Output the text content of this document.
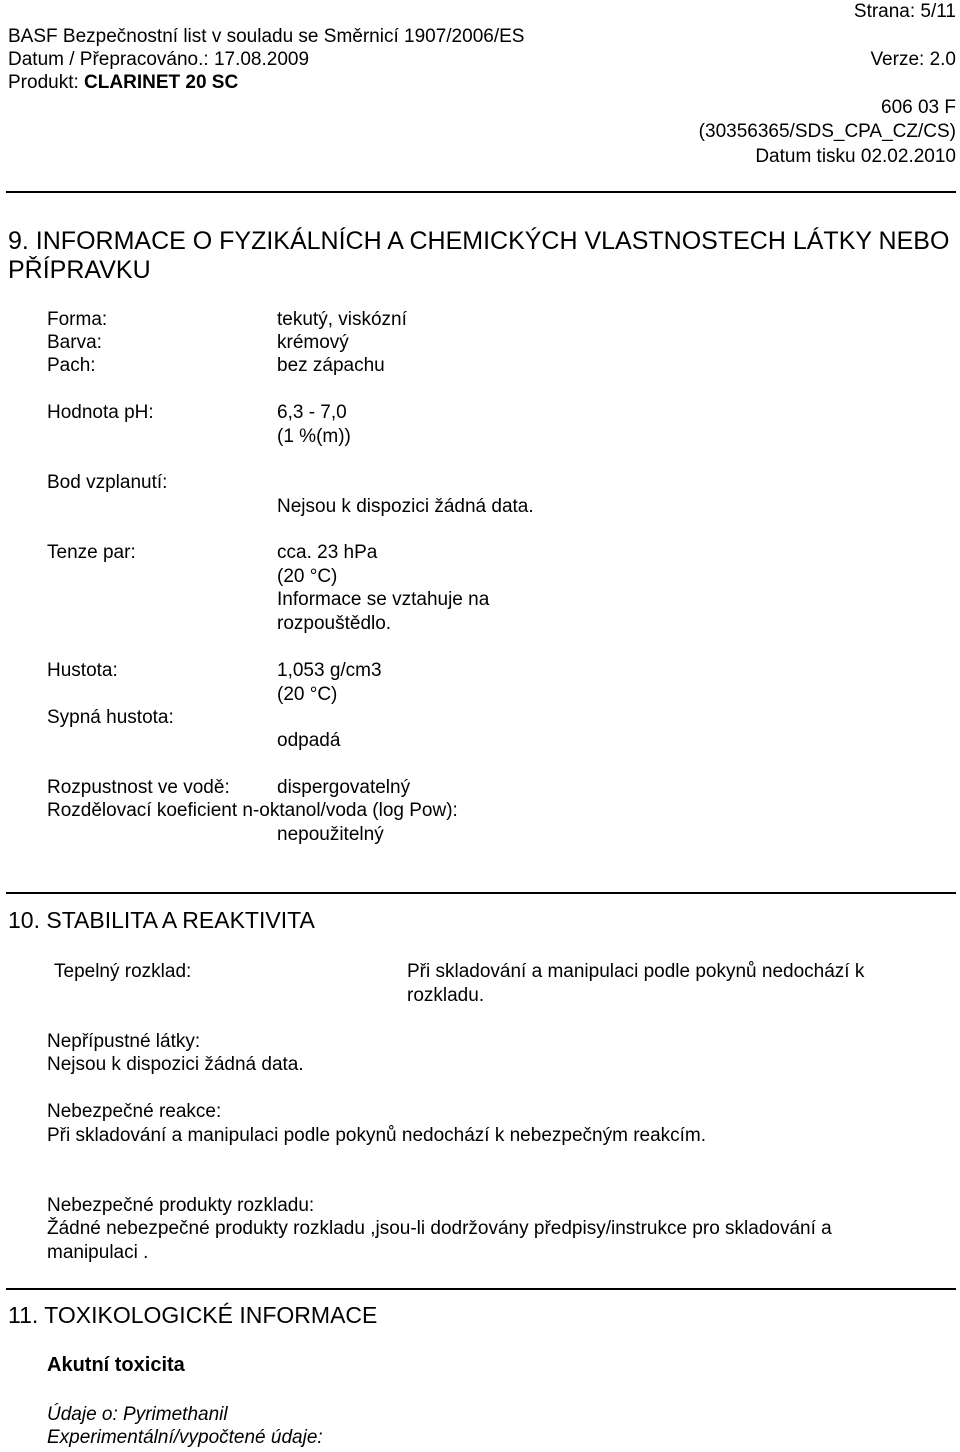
Strana: 5/11
BASF Bezpečnostní list v souladu se Směrnicí 1907/2006/ES
Datum / Přepracováno.: 17.08.2009	Verze: 2.0
Produkt: CLARINET 20 SC
606 03 F
(30356365/SDS_CPA_CZ/CS)
Datum tisku 02.02.2010
9. INFORMACE O FYZIKÁLNÍCH A CHEMICKÝCH VLASTNOSTECH LÁTKY NEBO
PŘÍPRAVKU
Forma:	tekutý, viskózní
Barva:	krémový
Pach:	bez zápachu
Hodnota pH:	6,3 - 7,0
(1 %(m))
Bod vzplanutí:
Nejsou k dispozici žádná data.
Tenze par:	cca. 23 hPa
(20 °C)
Informace se vztahuje na
rozpouštědlo.
Hustota:	1,053 g/cm3
(20 °C)
Sypná hustota:
odpadá
Rozpustnost ve vodě: dispergovatelný
Rozdělovací koeficient n-oktanol/voda (log Pow):
nepoužitelný
10. STABILITA A REAKTIVITA
Tepelný rozklad:	Při skladování a manipulaci podle pokynů nedochází k
rozkladu.
Nepřípustné látky:
Nejsou k dispozici žádná data.
Nebezpečné reakce:
Při skladování a manipulaci podle pokynů nedochází k nebezpečným reakcím.
Nebezpečné produkty rozkladu:
Žádné nebezpečné produkty rozkladu ,jsou-li dodržovány předpisy/instrukce pro skladování a
manipulaci .
11. TOXIKOLOGICKÉ INFORMACE
Akutní toxicita
Údaje o: Pyrimethanil
Experimentální/vypočtené údaje:
